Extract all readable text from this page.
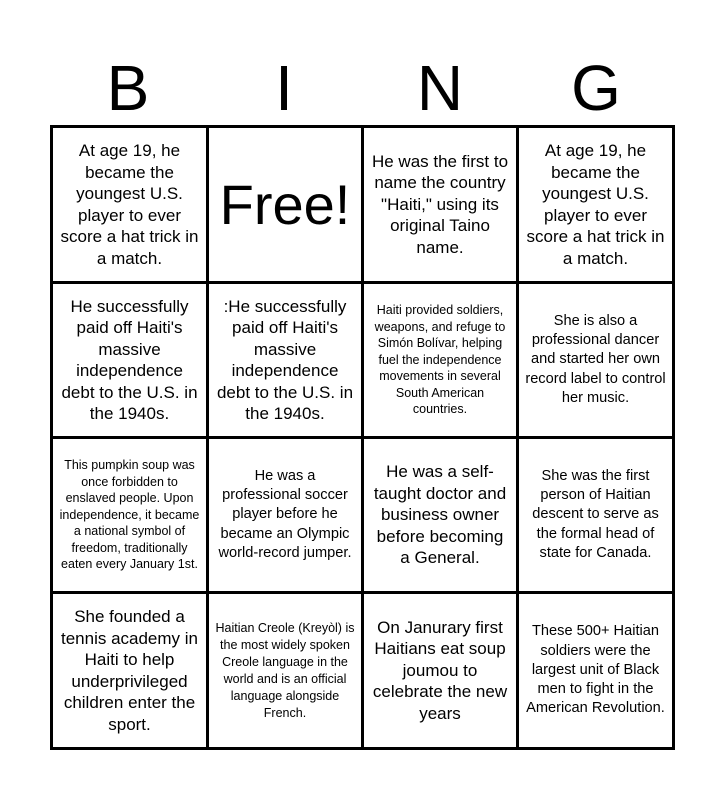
B	I	N	G
At age 19, he became the youngest U.S. player to ever score a hat trick in a match.
Free!
He was the first to name the country "Haiti," using its original Taino name.
At age 19, he became the youngest U.S. player to ever score a hat trick in a match.
He successfully paid off Haiti's massive independence debt to the U.S. in the 1940s.
:He successfully paid off Haiti's massive independence debt to the U.S. in the 1940s.
Haiti provided soldiers, weapons, and refuge to Simón Bolívar, helping fuel the independence movements in several South American countries.
She is also a professional dancer and started her own record label to control her music.
This pumpkin soup was once forbidden to enslaved people. Upon independence, it became a national symbol of freedom, traditionally eaten every January 1st.
He was a professional soccer player before he became an Olympic world-record jumper.
He was a self-taught doctor and business owner before becoming a General.
She was the first person of Haitian descent to serve as the formal head of state for Canada.
She founded a tennis academy in Haiti to help underprivileged children enter the sport.
Haitian Creole (Kreyòl) is the most widely spoken Creole language in the world and is an official language alongside French.
On Janurary first Haitians eat soup joumou to celebrate the new years
These 500+ Haitian soldiers were the largest unit of Black men to fight in the American Revolution.
